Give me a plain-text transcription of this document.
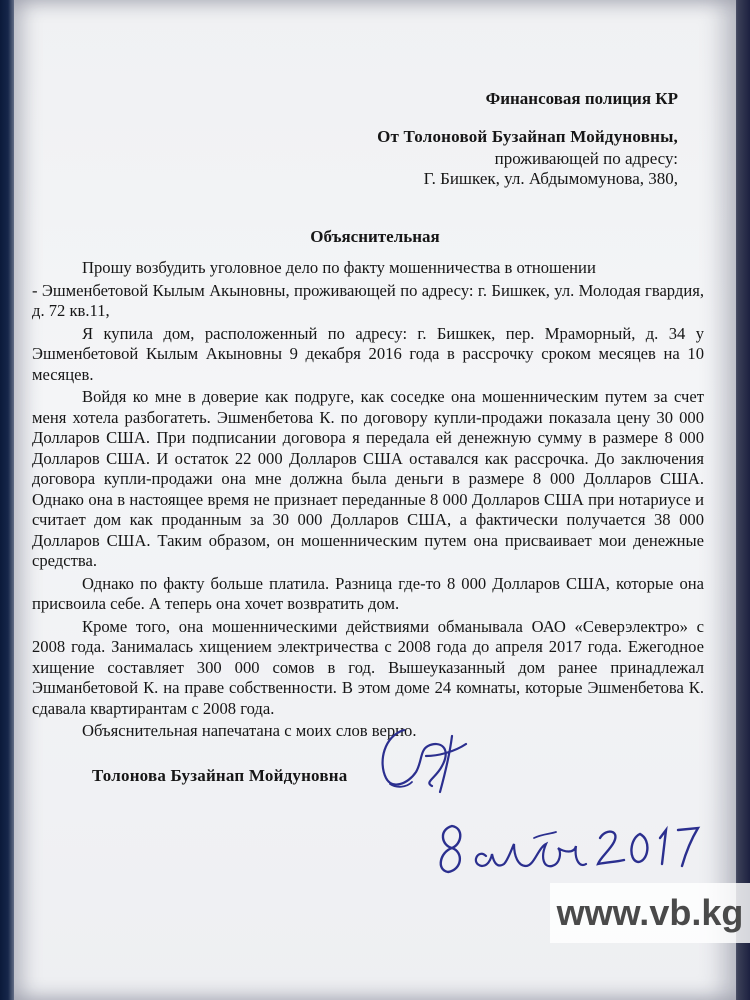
Финансовая полиция КР
От Толоновой Бузайнап Мойдуновны,
проживающей по адресу:
Г. Бишкек, ул. Абдымомунова, 380,
Объяснительная

Прошу возбудить уголовное дело по факту мошенничества в отношении

- Эшменбетовой Кылым Акыновны, проживающей по адресу: г. Бишкек, ул. Молодая гвардия, д. 72 кв.11,

Я купила дом, расположенный по адресу: г. Бишкек, пер. Мраморный, д. 34 у Эшменбетовой Кылым Акыновны 9 декабря 2016 года в рассрочку сроком месяцев на 10 месяцев.

Войдя ко мне в доверие как подруге, как соседке она мошенническим путем за счет меня хотела разбогатеть. Эшменбетова К. по договору купли-продажи показала цену 30 000 Долларов США. При подписании договора я передала ей денежную сумму в размере 8 000 Долларов США. И остаток 22 000 Долларов США оставался как рассрочка. До заключения договора купли-продажи она мне должна была деньги в размере 8 000 Долларов США. Однако она в настоящее время не признает переданные 8 000 Долларов США при нотариусе и считает дом как проданным за 30 000 Долларов США, а фактически получается 38 000 Долларов США. Таким образом, он мошенническим путем она присваивает мои денежные средства.

Однако по факту больше платила. Разница где-то 8 000 Долларов США, которые она присвоила себе. А теперь она хочет возвратить дом.

Кроме того, она мошенническими действиями обманывала ОАО «Северэлектро» с 2008 года. Занималась хищением электричества с 2008 года до апреля 2017 года. Ежегодное хищение составляет 300 000 сомов в год. Вышеуказанный дом ранее принадлежал Эшманбетовой К. на праве собственности. В этом доме 24 комнаты, которые Эшменбетова К. сдавала квартирантам с 2008 года.

Объяснительная напечатана с моих слов верно.

Толонова Бузайнап Мойдуновна
www.vb.kg
